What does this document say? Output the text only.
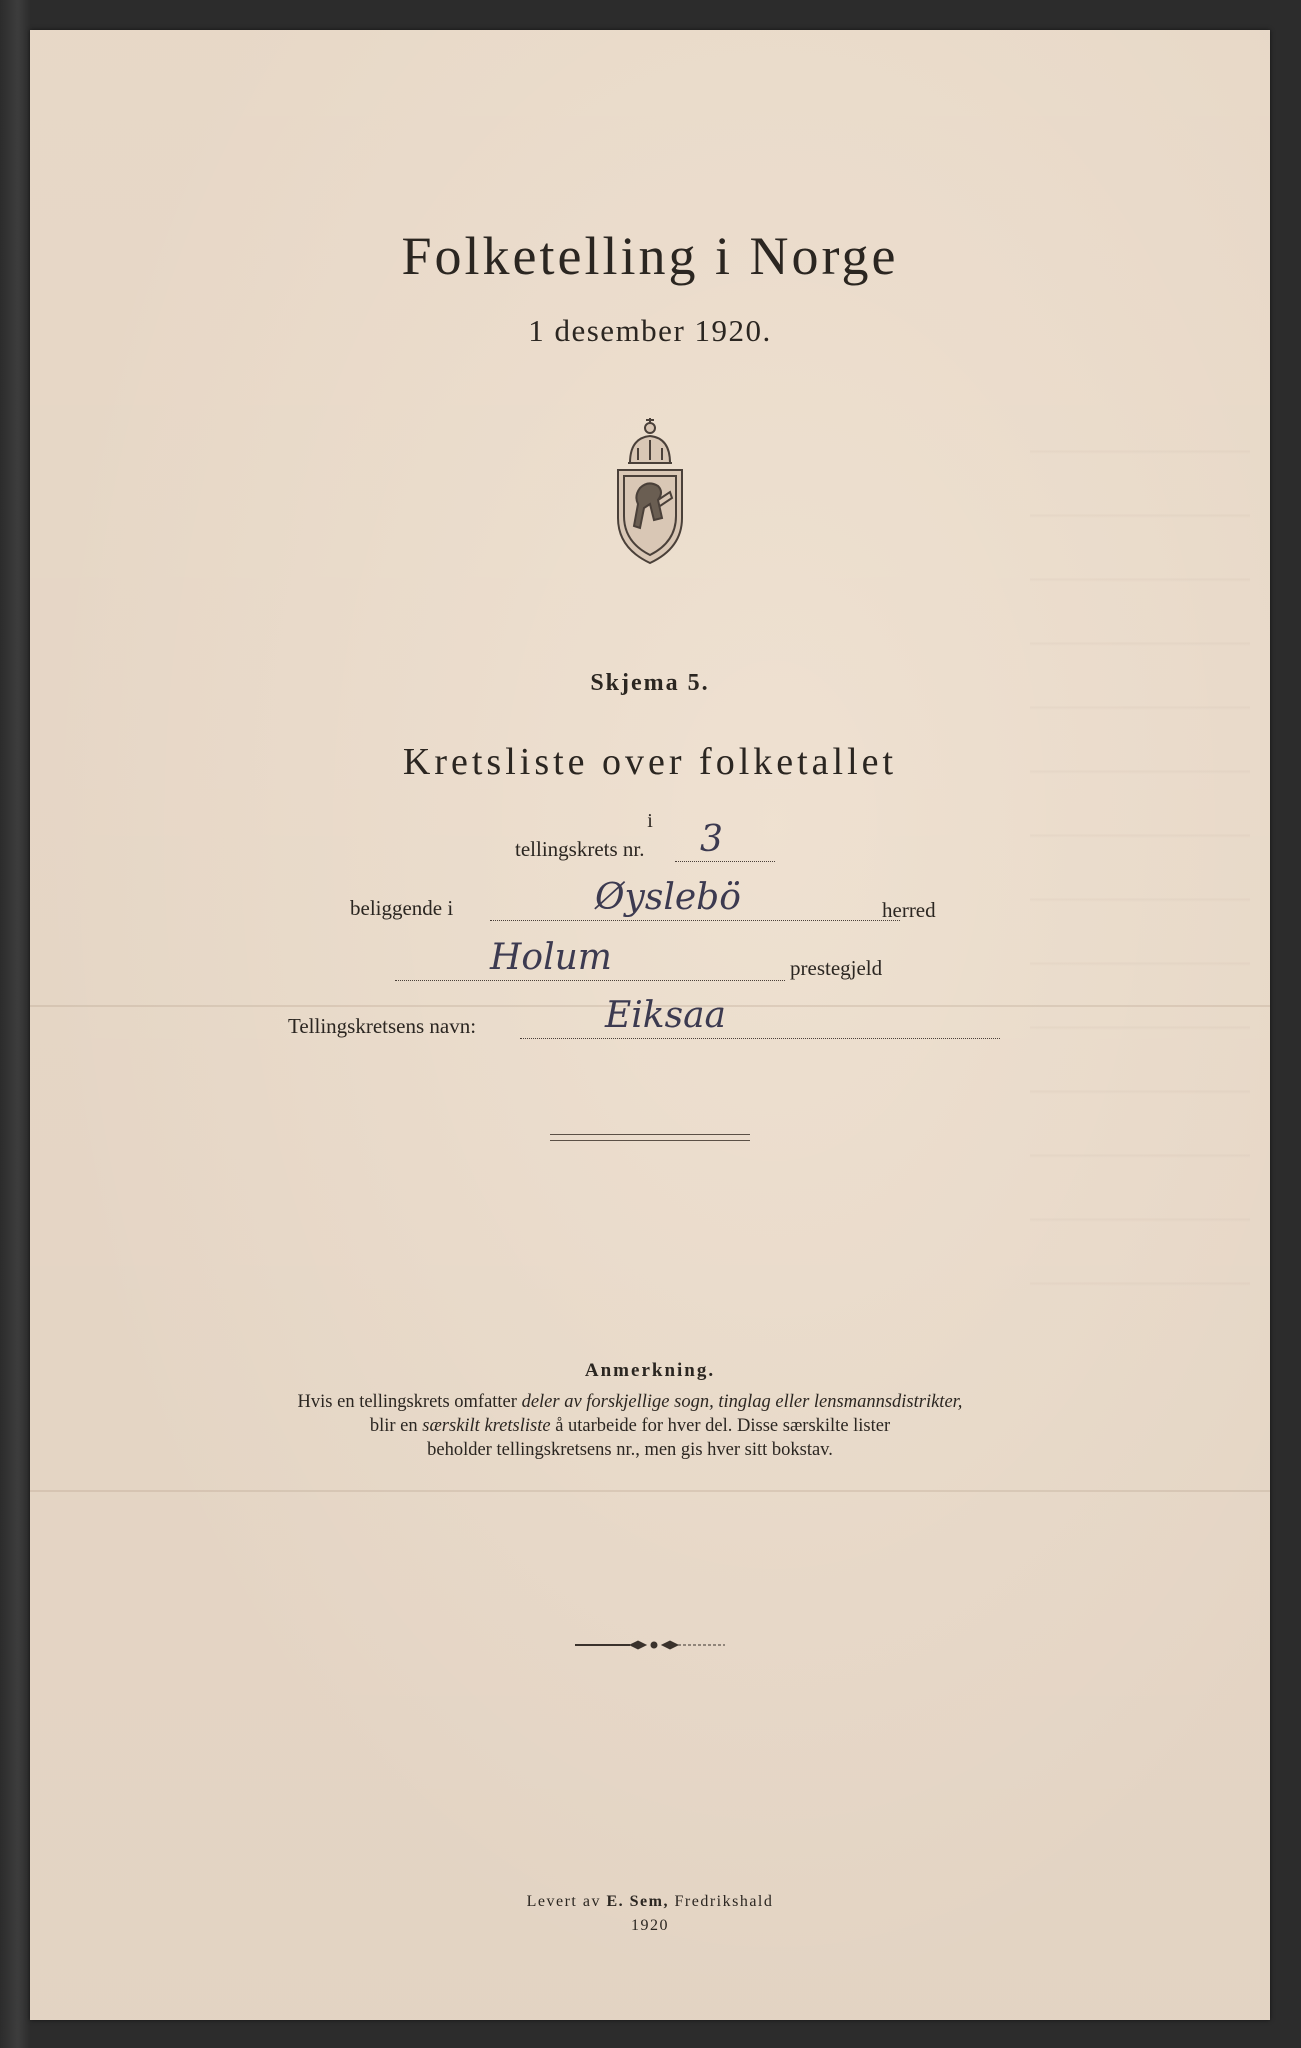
Folketelling i Norge
1 desember 1920.
Skjema 5.
Kretsliste over folketallet
i
tellingskrets nr. 3
beliggende i	Øyslebö	herred
Holum	prestegjeld
Tellingskretsens navn:	Eiksaa
Anmerkning.
Hvis en tellingskrets omfatter deler av forskjellige sogn, tinglag eller lensmannsdistrikter,
blir en særskilt kretsliste å utarbeide for hver del. Disse særskilte lister
beholder tellingskretsens nr., men gis hver sitt bokstav.
Levert av E. Sem, Fredrikshald
1920
